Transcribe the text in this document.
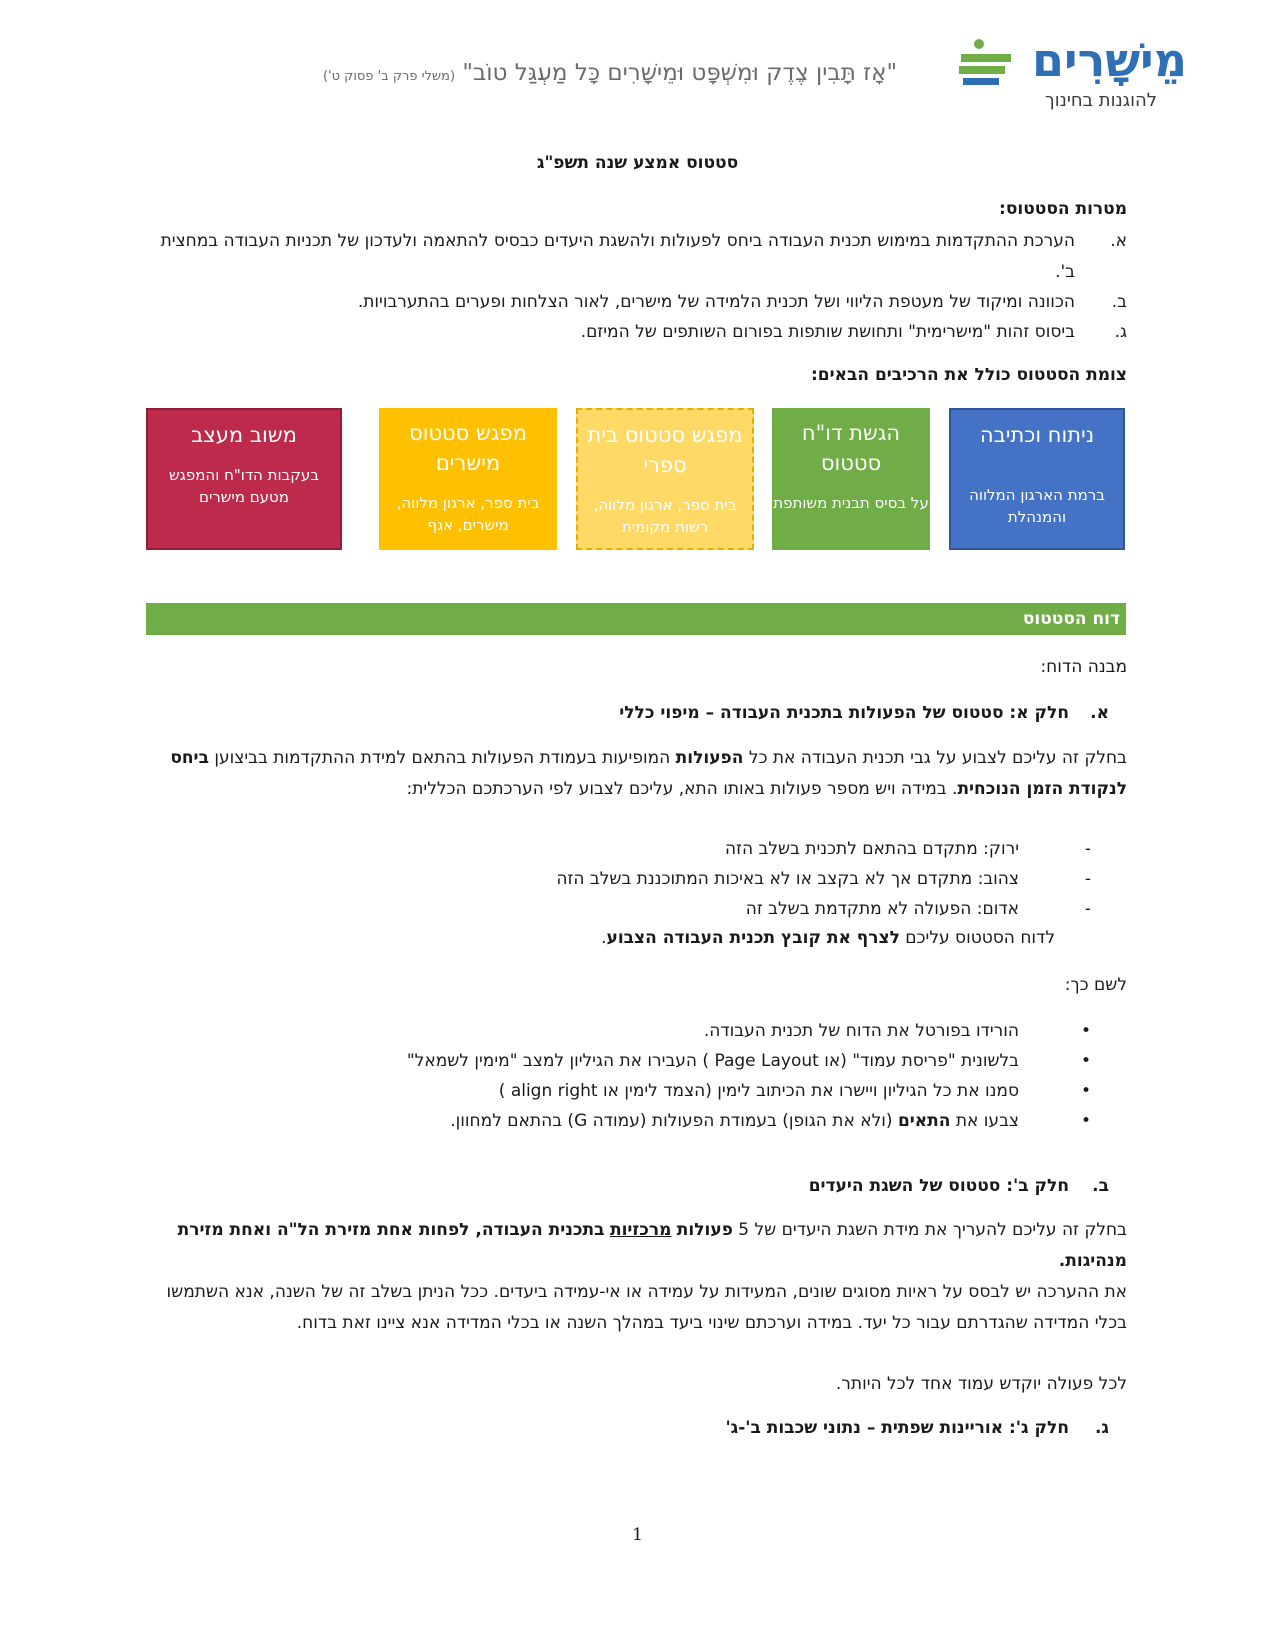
"אָז תָּבִין צֶדֶק וּמִשְׁפָּט וּמֵישָׁרִים כָּל מַעְגַּל טוֹב" (משלי פרק ב' פסוק ט')	מֵישָׁרִים
להוגנות בחינוך
סטטוס אמצע שנה תשפ"ג
מטרות הסטטוס:
א.
הערכת ההתקדמות במימוש תכנית העבודה ביחס לפעולות ולהשגת היעדים כבסיס להתאמה ולעדכון של תכניות העבודה במחצית ב'.
ב.
הכוונה ומיקוד של מעטפת הליווי ושל תכנית הלמידה של מישרים, לאור הצלחות ופערים בהתערבויות.
ג.
ביסוס זהות "מישרימית" ותחושת שותפות בפורום השותפים של המיזם.
צומת הסטטוס כולל את הרכיבים הבאים:
ניתוח וכתיבה
ברמת הארגון המלווה והמנהלת
הגשת דו"ח סטטוס
על בסיס תבנית משותפת
מפגש סטטוס בית ספרי
בית ספר, ארגון מלווה, רשות מקומית
מפגש סטטוס מישרים
בית ספר, ארגון מלווה, מישרים, אגף
משוב מעצב
בעקבות הדו"ח והמפגש מטעם מישרים
דוח הסטטוס
מבנה הדוח:
א.
חלק א: סטטוס של הפעולות בתכנית העבודה – מיפוי כללי
בחלק זה עליכם לצבוע על גבי תכנית העבודה את כל הפעולות המופיעות בעמודת הפעולות בהתאם למידת ההתקדמות בביצוען ביחס לנקודת הזמן הנוכחית. במידה ויש מספר פעולות באותו התא, עליכם לצבוע לפי הערכתכם הכללית:
-
ירוק: מתקדם בהתאם לתכנית בשלב הזה
-
צהוב: מתקדם אך לא בקצב או לא באיכות המתוכננת בשלב הזה
-
אדום: הפעולה לא מתקדמת בשלב זה
לדוח הסטטוס עליכם לצרף את קובץ תכנית העבודה הצבוע.
לשם כך:
•
הורידו בפורטל את הדוח של תכנית העבודה.
•
בלשונית "פריסת עמוד" (או Page Layout ) העבירו את הגיליון למצב "מימין לשמאל"
•
סמנו את כל הגיליון ויישרו את הכיתוב לימין (הצמד לימין או align right )
•
צבעו את התאים (ולא את הגופן) בעמודת הפעולות (עמודה G) בהתאם למחוון.
ב.
חלק ב': סטטוס של השגת היעדים
בחלק זה עליכם להעריך את מידת השגת היעדים של 5 פעולות מרכזיות בתכנית העבודה, לפחות אחת מזירת הל"ה ואחת מזירת מנהיגות.
את ההערכה יש לבסס על ראיות מסוגים שונים, המעידות על עמידה או אי-עמידה ביעדים. ככל הניתן בשלב זה של השנה, אנא השתמשו בכלי המדידה שהגדרתם עבור כל יעד. במידה וערכתם שינוי ביעד במהלך השנה או בכלי המדידה אנא ציינו זאת בדוח.
לכל פעולה יוקדש עמוד אחד לכל היותר.
ג.
חלק ג': אוריינות שפתית – נתוני שכבות ב'-ג'
1
